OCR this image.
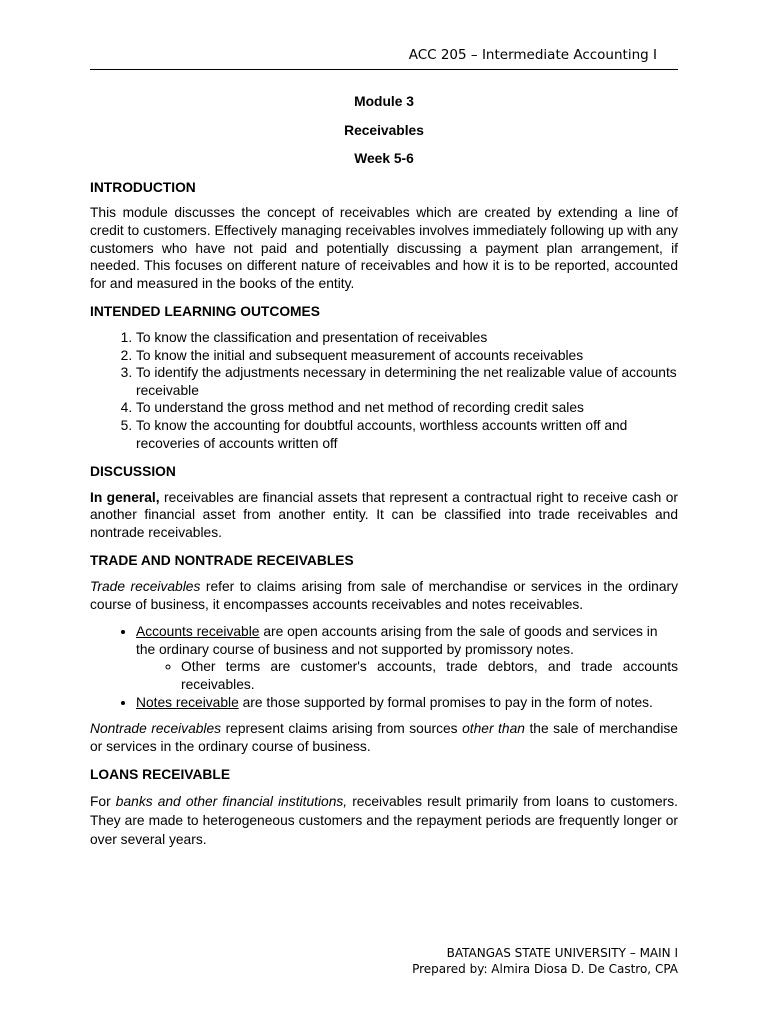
ACC 205 – Intermediate Accounting I
Module 3
Receivables
Week 5-6
INTRODUCTION

This module discusses the concept of receivables which are created by extending a line of credit to customers. Effectively managing receivables involves immediately following up with any customers who have not paid and potentially discussing a payment plan arrangement, if needed. This focuses on different nature of receivables and how it is to be reported, accounted for and measured in the books of the entity.

INTENDED LEARNING OUTCOMES
1. To know the classification and presentation of receivables
2. To know the initial and subsequent measurement of accounts receivables
3. To identify the adjustments necessary in determining the net realizable value of accounts receivable
4. To understand the gross method and net method of recording credit sales
5. To know the accounting for doubtful accounts, worthless accounts written off and recoveries of accounts written off
DISCUSSION

In general, receivables are financial assets that represent a contractual right to receive cash or another financial asset from another entity. It can be classified into trade receivables and nontrade receivables.

TRADE AND NONTRADE RECEIVABLES

Trade receivables refer to claims arising from sale of merchandise or services in the ordinary course of business, it encompasses accounts receivables and notes receivables.

• Accounts receivable are open accounts arising from the sale of goods and services in the ordinary course of business and not supported by promissory notes.
◦ Other terms are customer's accounts, trade debtors, and trade accounts receivables.
• Notes receivable are those supported by formal promises to pay in the form of notes.

Nontrade receivables represent claims arising from sources other than the sale of merchandise or services in the ordinary course of business.

LOANS RECEIVABLE

For banks and other financial institutions, receivables result primarily from loans to customers. They are made to heterogeneous customers and the repayment periods are frequently longer or over several years.

BATANGAS STATE UNIVERSITY – MAIN I
Prepared by: Almira Diosa D. De Castro, CPA
